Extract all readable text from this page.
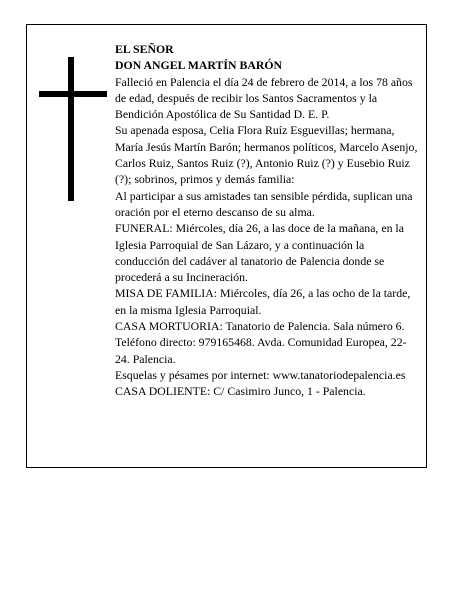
EL SEÑOR

DON ANGEL MARTÍN BARÓN

Falleció en Palencia el día 24 de febrero de 2014, a los 78 años de edad, después de recibir los Santos Sacramentos y la Bendición Apostólica de Su Santidad D. E. P.

Su apenada esposa, Celia Flora Ruíz Esguevillas; hermana, María Jesús Martín Barón; hermanos políticos, Marcelo Asenjo, Carlos Ruiz, Santos Ruiz (?), Antonio Ruiz (?) y Eusebio Ruiz (?); sobrinos, primos y demás familia:

Al participar a sus amistades tan sensible pérdida, suplican una oración por el eterno descanso de su alma.

FUNERAL: Miércoles, día 26, a las doce de la mañana, en la Iglesia Parroquial de San Lázaro, y a continuación la conducción del cadáver al tanatorio de Palencia donde se procederá a su Incineración.

MISA DE FAMILIA: Miércoles, día 26, a las ocho de la tarde, en la misma Iglesia Parroquial.

CASA MORTUORIA: Tanatorio de Palencia. Sala número 6. Teléfono directo: 979165468. Avda. Comunidad Europea, 22-24. Palencia.

Esquelas y pésames por internet: www.tanatoriodepalencia.es

CASA DOLIENTE: C/ Casimiro Junco, 1 - Palencia.
